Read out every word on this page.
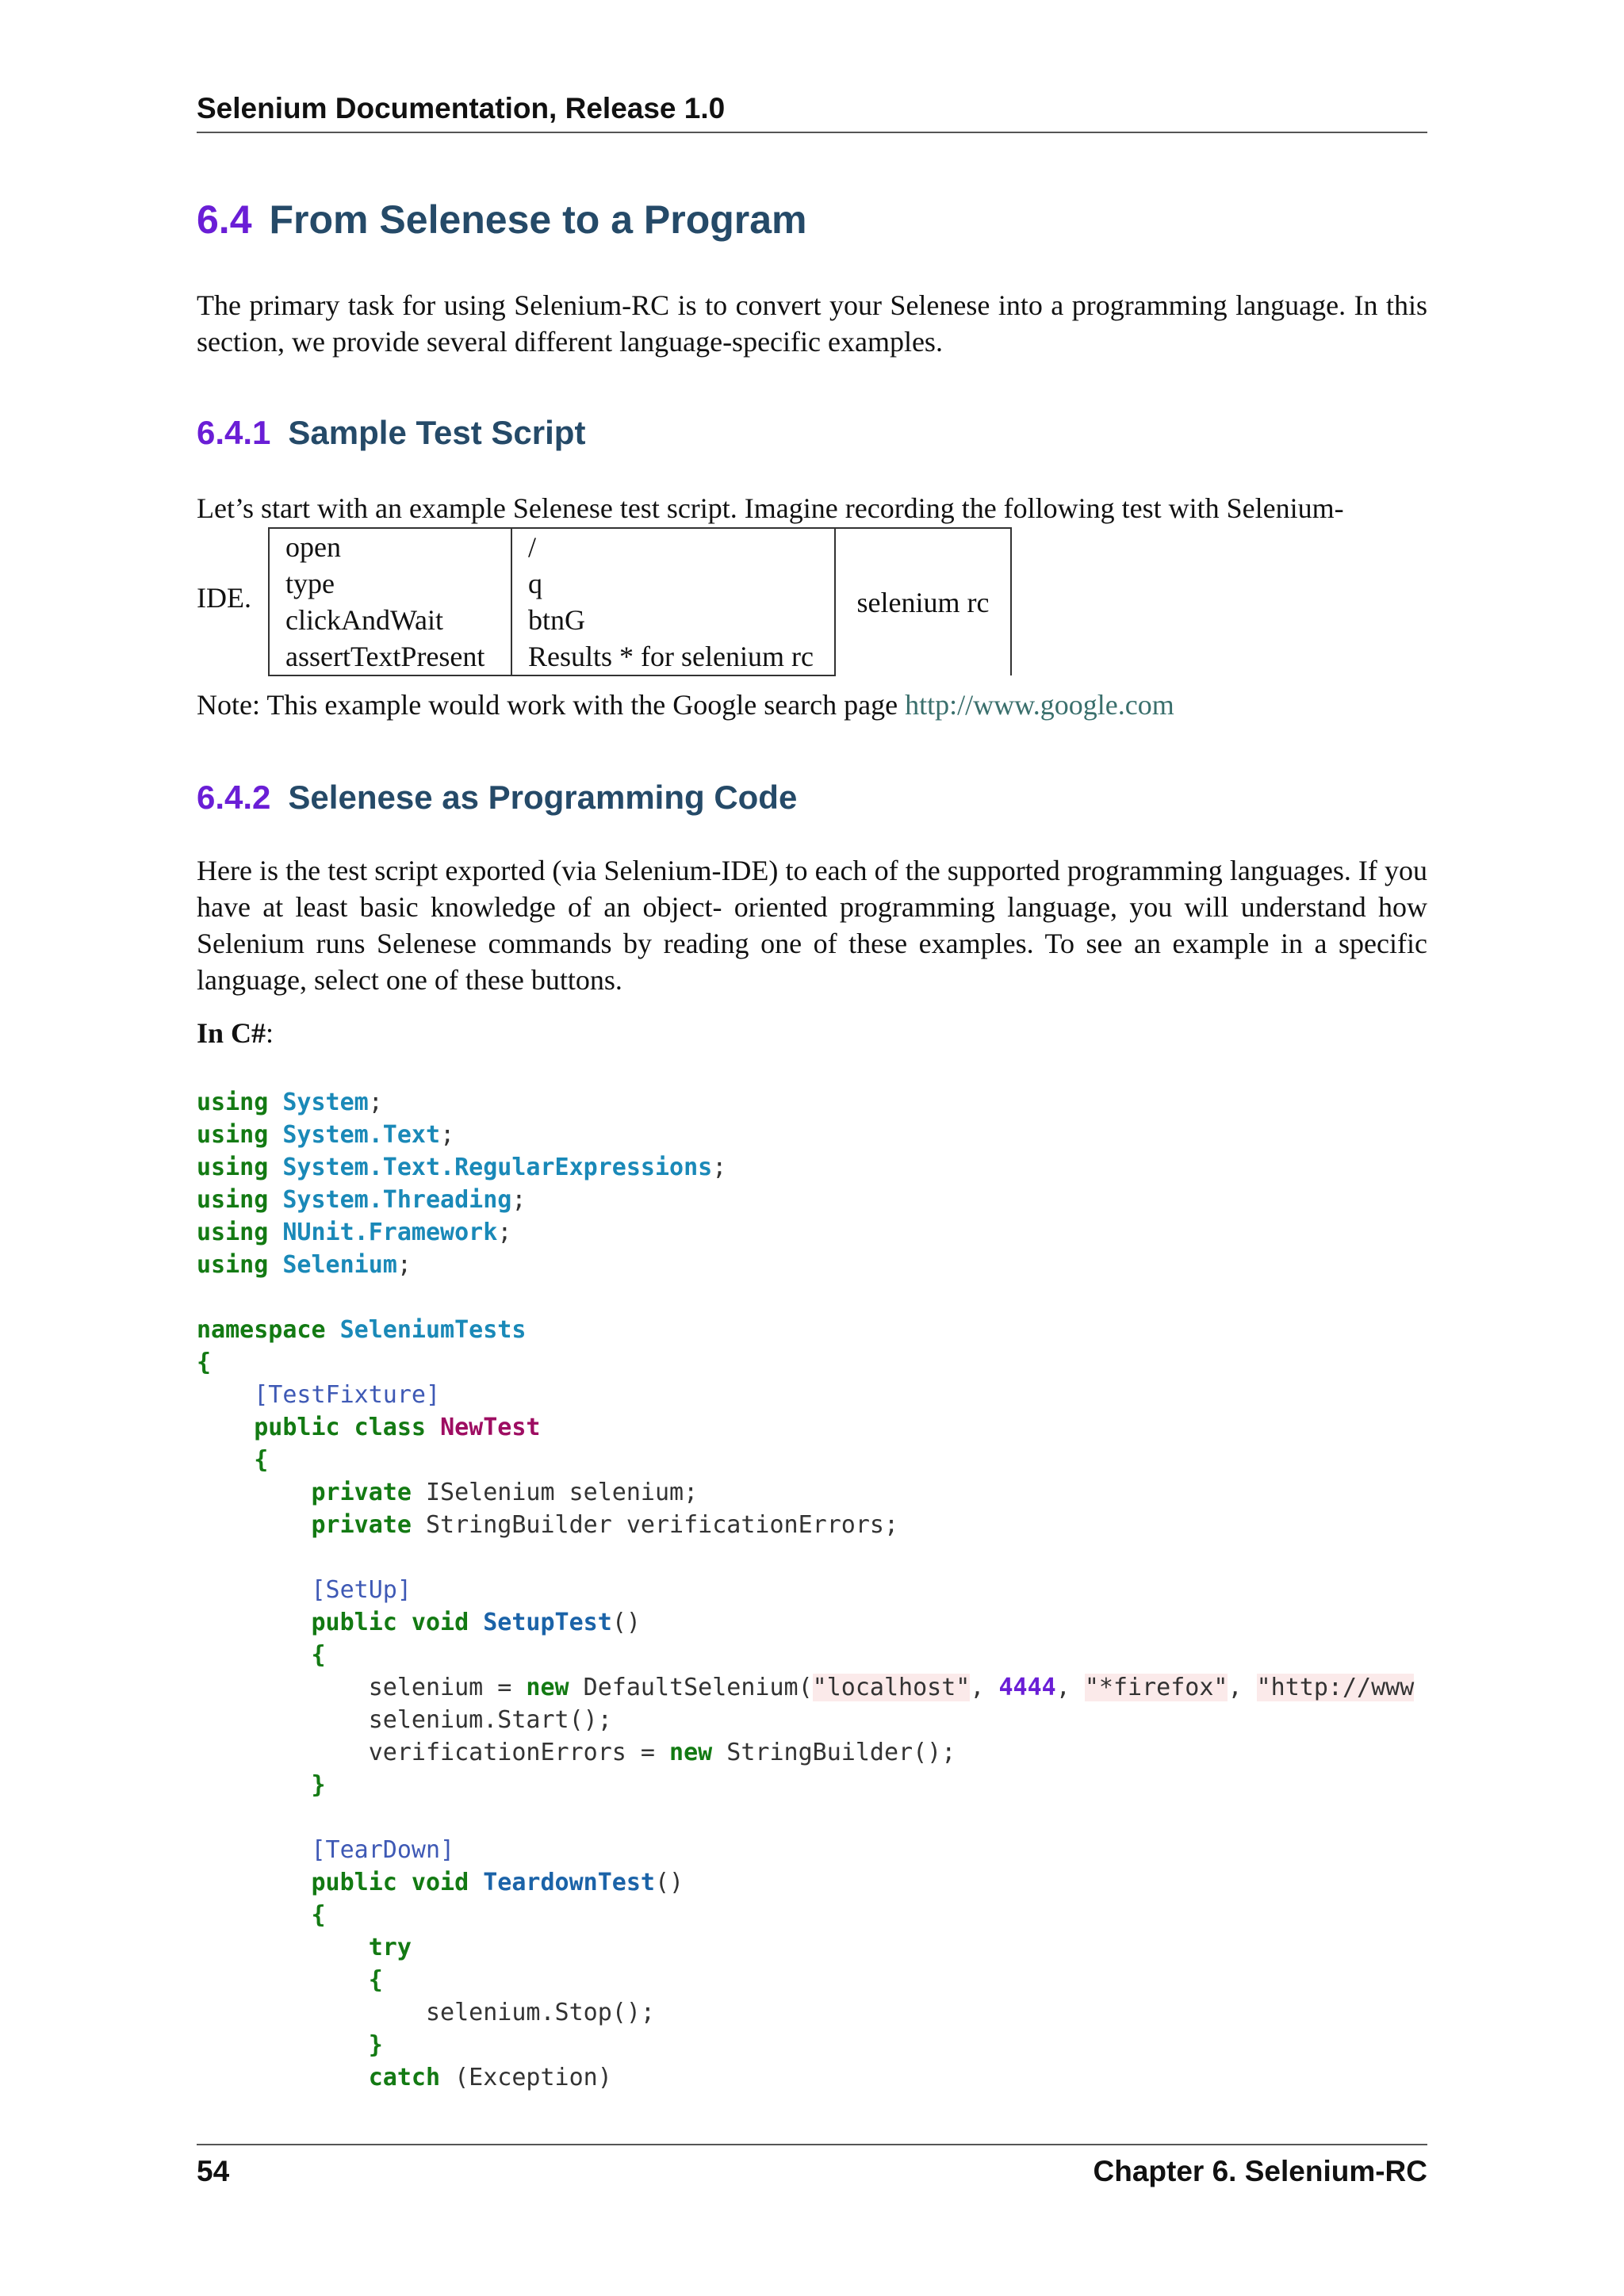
Selenium Documentation, Release 1.0
6.4 From Selenese to a Program
The primary task for using Selenium-RC is to convert your Selenese into a programming language. In this section, we provide several different language-specific examples.
6.4.1 Sample Test Script
Let’s start with an example Selenese test script. Imagine recording the following test with Selenium-
IDE.
open	/	selenium rc
type	q	
clickAndWait	btnG	
assertTextPresent	Results * for selenium rc	
Note: This example would work with the Google search page http://www.google.com
6.4.2 Selenese as Programming Code
Here is the test script exported (via Selenium-IDE) to each of the supported programming languages. If you have at least basic knowledge of an object- oriented programming language, you will understand how Selenium runs Selenese commands by reading one of these examples. To see an example in a specific language, select one of these buttons.
In C#:
using System;
using System.Text;
using System.Text.RegularExpressions;
using System.Threading;
using NUnit.Framework;
using Selenium;

namespace SeleniumTests
{
[TestFixture]
public class NewTest
{
private ISelenium selenium;
private StringBuilder verificationErrors;

[SetUp]
public void SetupTest()
{
selenium = new DefaultSelenium("localhost", 4444, "*firefox", "http://www
selenium.Start();
verificationErrors = new StringBuilder();
}

[TearDown]
public void TeardownTest()
{
try
{
selenium.Stop();
}
catch (Exception)
54	Chapter 6. Selenium-RC
